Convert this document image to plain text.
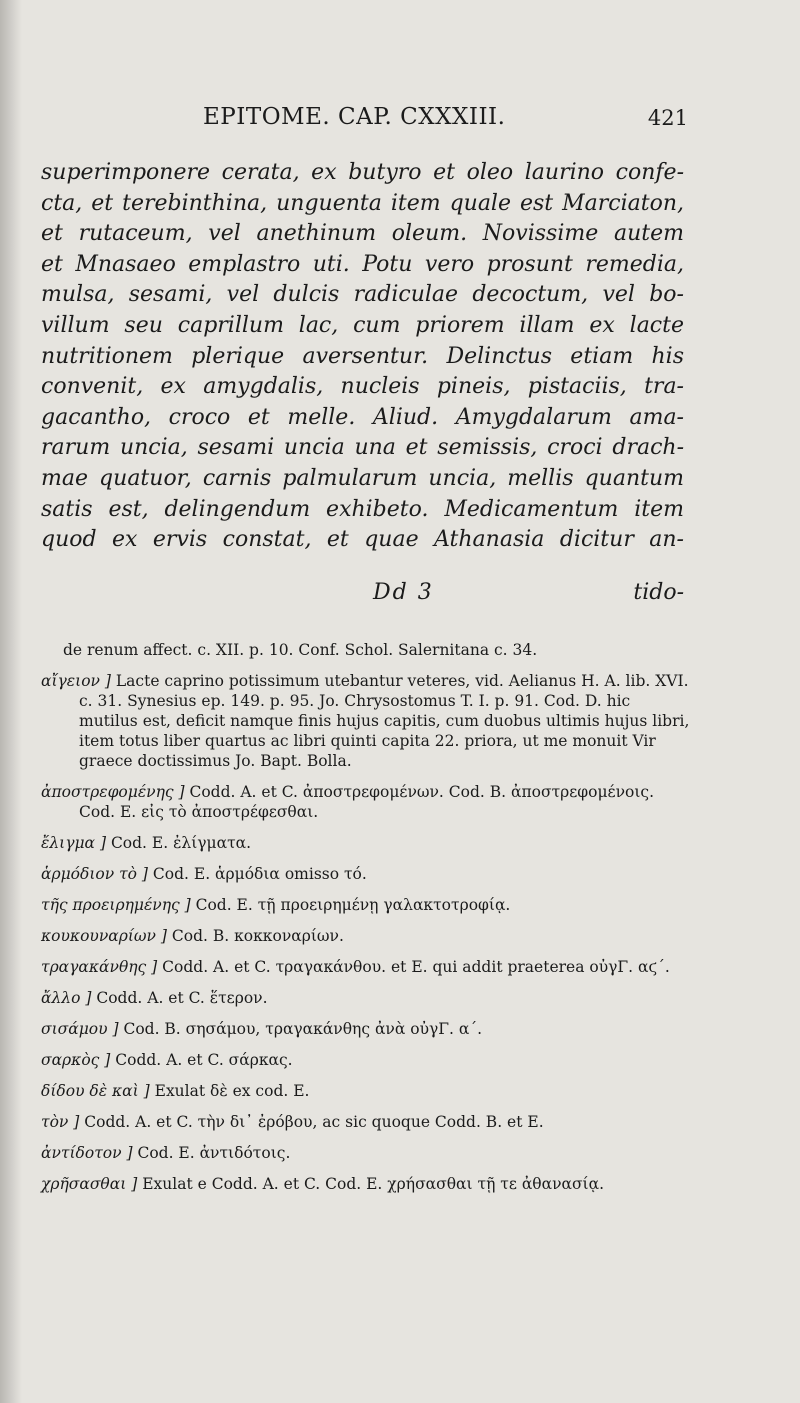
EPITOME. CAP. CXXXIII.	421
superimponere cerata, ex butyro et oleo laurino confe-
cta, et terebinthina, unguenta item quale est Marciaton,
et rutaceum, vel anethinum oleum. Novissime autem
et Mnasaeo emplastro uti. Potu vero prosunt remedia,
mulsa, sesami, vel dulcis radiculae decoctum, vel bo-
villum seu caprillum lac, cum priorem illam ex lacte
nutritionem plerique aversentur. Delinctus etiam his
convenit, ex amygdalis, nucleis pineis, pistaciis, tra-
gacantho, croco et melle. Aliud. Amygdalarum ama-
rarum uncia, sesami uncia una et semissis, croci drach-
mae quatuor, carnis palmularum uncia, mellis quantum
satis est, delingendum exhibeto. Medicamentum item
quod ex ervis constat, et quae Athanasia dicitur an-
Dd 3	tido-
de renum affect. c. XII. p. 10. Conf. Schol. Salernitana c. 34.
αἴγειον ] Lacte caprino potissimum utebantur veteres, vid. Aelianus H. A. lib. XVI. c. 31. Synesius ep. 149. p. 95. Jo. Chrysostomus T. I. p. 91. Cod. D. hic mutilus est, deficit namque finis hujus capitis, cum duobus ultimis hujus libri, item totus liber quartus ac libri quinti capita 22. priora, ut me monuit Vir graece doctissimus Jo. Bapt. Bolla.
ἀποστρεφομένης ] Codd. A. et C. ἀποστρεφομένων. Cod. B. ἀποστρεφομένοις. Cod. E. εἰς τὸ ἀποστρέφεσθαι.
ἔλιγμα ] Cod. E. ἐλίγματα.
ἁρμόδιον τὸ ] Cod. E. ἁρμόδια omisso τό.
τῆς προειρημένης ] Cod. E. τῇ προειρημένῃ γαλακτοτροφίᾳ.
κουκουναρίων ] Cod. B. κοκκοναρίων.
τραγακάνθης ] Codd. A. et C. τραγακάνθου. et E. qui addit praeterea οὐγΓ. αϛ΄.
ἄλλο ] Codd. A. et C. ἕτερον.
σισάμου ] Cod. B. σησάμου, τραγακάνθης ἀνὰ οὐγΓ. α΄.
σαρκὸς ] Codd. A. et C. σάρκας.
δίδου δὲ καὶ ] Exulat δὲ ex cod. E.
τὸν ] Codd. A. et C. τὴν δι᾽ ἐρόβου, ac sic quoque Codd. B. et E.
ἀντίδοτον ] Cod. E. ἀντιδότοις.
χρῆσασθαι ] Exulat e Codd. A. et C. Cod. E. χρήσασθαι τῇ τε ἀθανασίᾳ.
